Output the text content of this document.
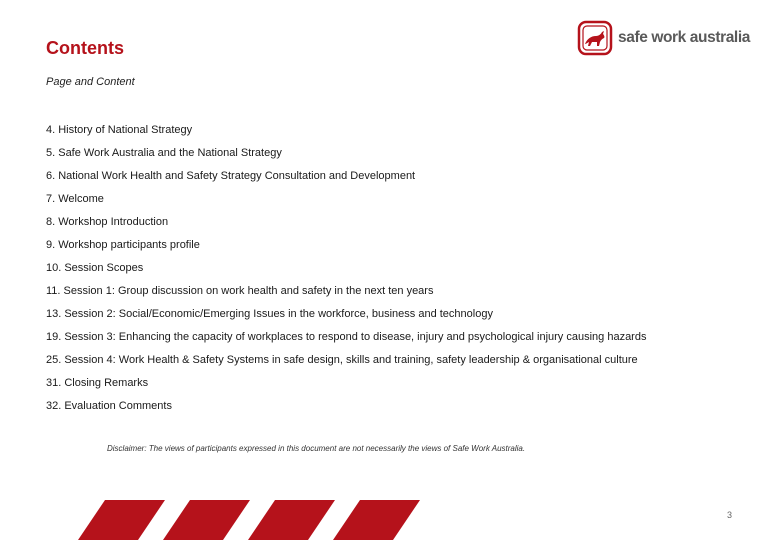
Contents
Page and Content
safe work australia
4. History of National Strategy
5. Safe Work Australia and the National Strategy
6. National Work Health and Safety Strategy Consultation and Development
7. Welcome
8. Workshop Introduction
9. Workshop participants profile
10. Session Scopes
11. Session 1: Group discussion on work health and safety in the next ten years
13. Session 2: Social/Economic/Emerging Issues in the workforce, business and technology
19. Session 3: Enhancing the capacity of workplaces to respond to disease, injury and psychological injury causing hazards
25. Session 4: Work Health & Safety Systems in safe design, skills and training, safety leadership & organisational culture
31. Closing Remarks
32. Evaluation Comments
Disclaimer: The views of participants expressed in this document are not necessarily the views of Safe Work Australia.
3
